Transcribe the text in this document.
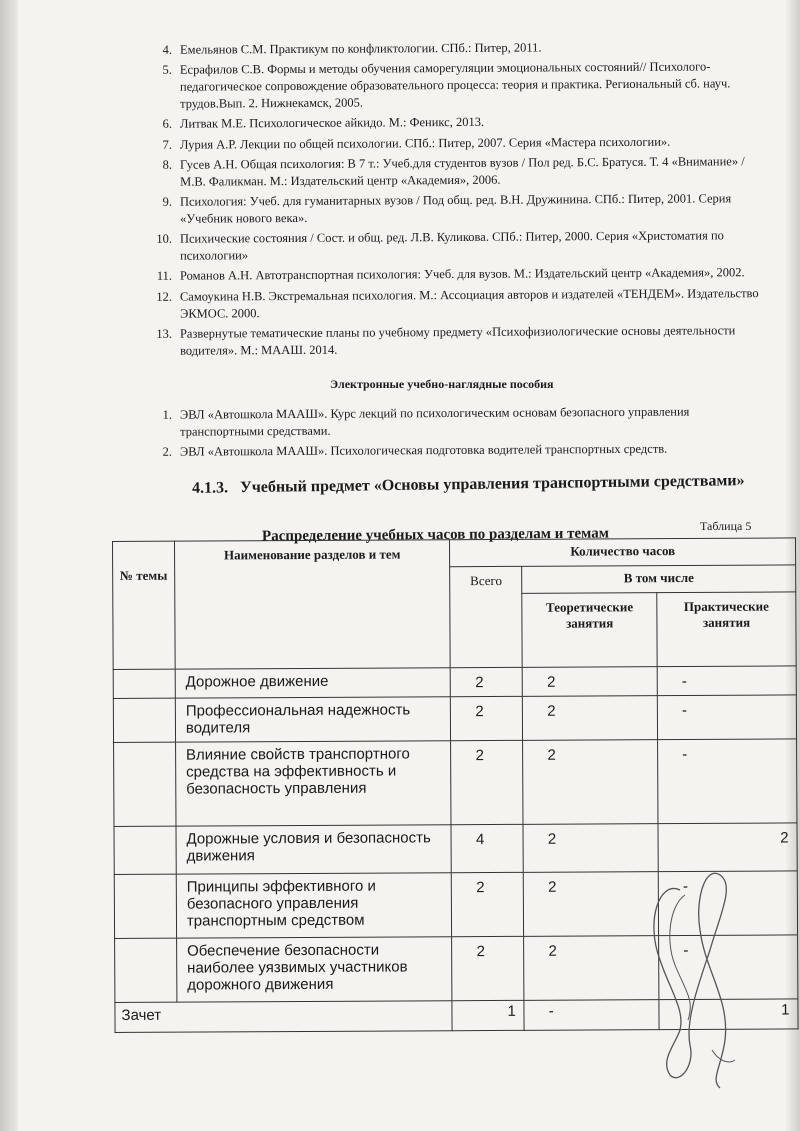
4. Емельянов С.М. Практикум по конфликтологии. СПб.: Питер, 2011.
5. Есрафилов С.В. Формы и методы обучения саморегуляции эмоциональных состояний// Психолого-педагогическое сопровождение образовательного процесса: теория и практика. Региональный сб. науч. трудов.Вып. 2. Нижнекамск, 2005.
6. Литвак М.Е. Психологическое айкидо. М.: Феникс, 2013.
7. Лурия А.Р. Лекции по общей психологии. СПб.: Питер, 2007. Серия «Мастера психологии».
8. Гусев А.Н. Общая психология: В 7 т.: Учеб.для студентов вузов / Пол ред. Б.С. Братуся. Т. 4 «Внимание» / М.В. Фаликман. М.: Издательский центр «Академия», 2006.
9. Психология: Учеб. для гуманитарных вузов / Под общ. ред. В.Н. Дружинина. СПб.: Питер, 2001. Серия «Учебник нового века».
10. Психические состояния / Сост. и общ. ред. Л.В. Куликова. СПб.: Питер, 2000. Серия «Христоматия по психологии»
11. Романов А.Н. Автотранспортная психология: Учеб. для вузов. М.: Издательский центр «Академия», 2002.
12. Самоукина Н.В. Экстремальная психология. М.: Ассоциация авторов и издателей «ТЕНДЕМ». Издательство ЭКМОС. 2000.
13. Развернутые тематические планы по учебному предмету «Психофизиологические основы деятельности водителя». М.: МААШ. 2014.
Электронные учебно-наглядные пособия
1. ЭВЛ «Автошкола МААШ». Курс лекций по психологическим основам безопасного управления транспортными средствами.
2. ЭВЛ «Автошкола МААШ». Психологическая подготовка водителей транспортных средств.
4.1.3.   Учебный предмет «Основы управления транспортными средствами»
Таблица 5
Распределение учебных часов по разделам и темам
№ темы	Наименование разделов и тем	Количество часов		
		Всего	В том числе	
			Теоретические занятия	Практические занятия
	Дорожное движение	2	2	-
	Профессиональная надежность водителя	2	2	-
	Влияние свойств транспортного средства на эффективность и безопасность управления	2	2	-
	Дорожные условия и безопасность движения	4	2	2
	Принципы эффективного и безопасного управления транспортным средством	2	2	-
	Обеспечение безопасности наиболее уязвимых участников дорожного движения	2	2	-
Зачет		1	-	1
